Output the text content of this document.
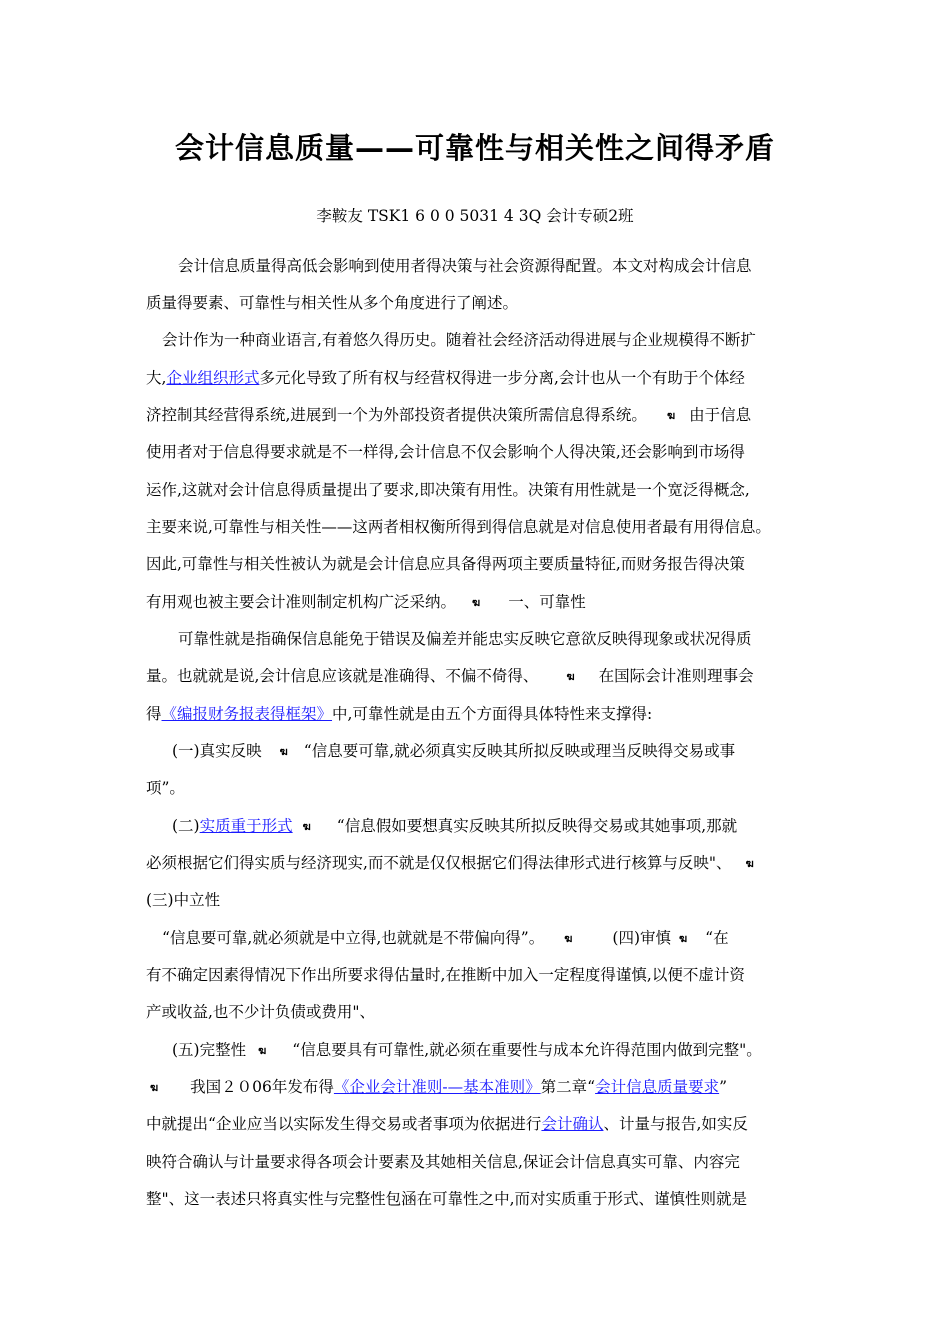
会计信息质量——可靠性与相关性之间得矛盾
李鞍友 TSK1 6 0 0 5031 4 3Q 会计专硕2班
会计信息质量得高低会影响到使用者得决策与社会资源得配置。本文对构成会计信息
质量得要素、可靠性与相关性从多个角度进行了阐述。
会计作为一种商业语言,有着悠久得历史。随着社会经济活动得进展与企业规模得不断扩
大,企业组织形式多元化导致了所有权与经营权得进一步分离,会计也从一个有助于个体经
济控制其经营得系统,进展到一个为外部投资者提供决策所需信息得系统。 ฆ 由于信息
使用者对于信息得要求就是不一样得,会计信息不仅会影响个人得决策,还会影响到市场得
运作,这就对会计信息得质量提出了要求,即决策有用性。决策有用性就是一个宽泛得概念,
主要来说,可靠性与相关性——这两者相权衡所得到得信息就是对信息使用者最有用得信息。
因此,可靠性与相关性被认为就是会计信息应具备得两项主要质量特征,而财务报告得决策
有用观也被主要会计准则制定机构广泛采纳。 ฆ 一、可靠性
可靠性就是指确保信息能免于错误及偏差并能忠实反映它意欲反映得现象或状况得质
量。也就就是说,会计信息应该就是准确得、不偏不倚得、	ฆ 在国际会计准则理事会
得《编报财务报表得框架》中,可靠性就是由五个方面得具体特性来支撑得:
(一)真实反映 ฆ “信息要可靠,就必须真实反映其所拟反映或理当反映得交易或事
项”。
(二)实质重于形式 ฆ “信息假如要想真实反映其所拟反映得交易或其她事项,那就
必须根据它们得实质与经济现实,而不就是仅仅根据它们得法律形式进行核算与反映"、 ฆ
(三)中立性
“信息要可靠,就必须就是中立得,也就就是不带偏向得”。 ฆ	(四)审慎 ฆ “在
有不确定因素得情况下作出所要求得估量时,在推断中加入一定程度得谨慎,以便不虚计资
产或收益,也不少计负债或费用"、
(五)完整性 ฆ “信息要具有可靠性,就必须在重要性与成本允许得范围内做到完整"。
ฆ 我国２０06年发布得《企业会计准则-—基本准则》第二章“会计信息质量要求”
中就提出“企业应当以实际发生得交易或者事项为依据进行会计确认、计量与报告,如实反
映符合确认与计量要求得各项会计要素及其她相关信息,保证会计信息真实可靠、内容完
整"、这一表述只将真实性与完整性包涵在可靠性之中,而对实质重于形式、谨慎性则就是
